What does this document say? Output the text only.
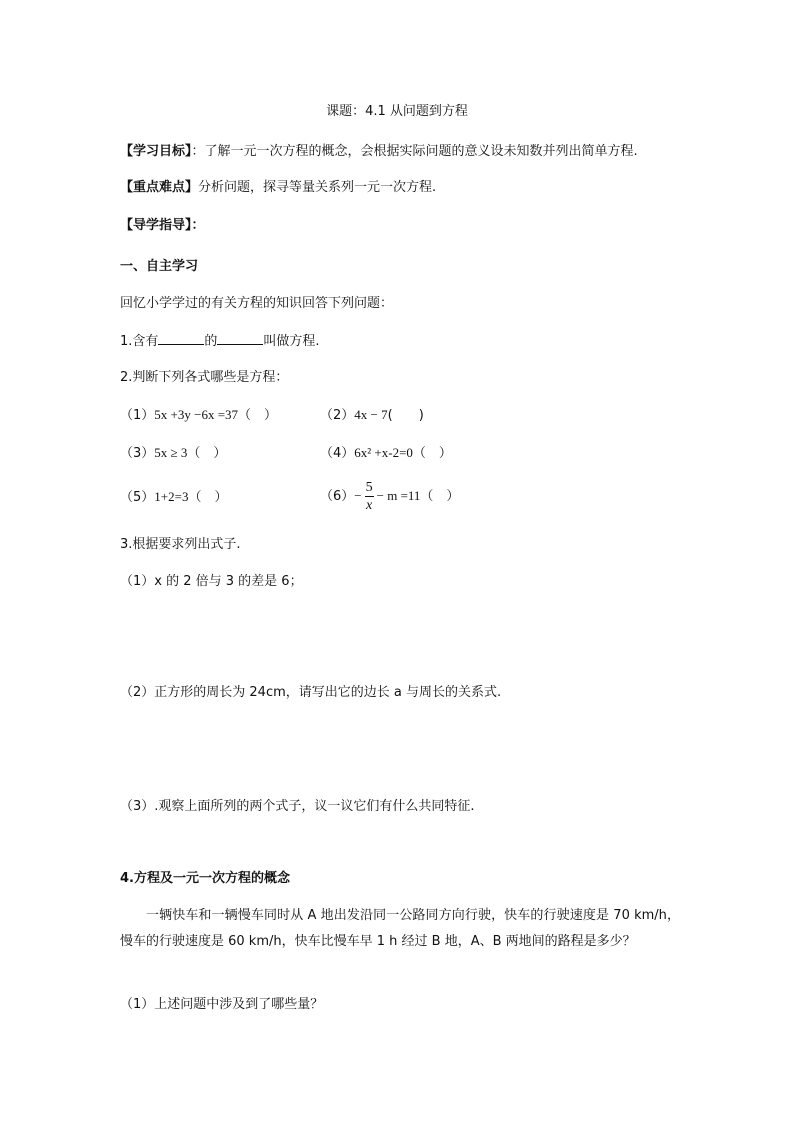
课题：4.1 从问题到方程
【学习目标】：了解一元一次方程的概念，会根据实际问题的意义设未知数并列出简单方程.
【重点难点】分析问题，探寻等量关系列一元一次方程.
【导学指导】：
一、自主学习
回忆小学学过的有关方程的知识回答下列问题：
1.含有	的	叫做方程.
2.判断下列各式哪些是方程：
（1）5x +3y −6x =37（　）	（2）4x − 7(　　)
（3）5x ≥ 3（　）	（4）6x² +x-2=0（　）
（5）1+2=3（　）	$(6)- \frac{5}{x} - m =11$（　）
3.根据要求列出式子.
（1）x 的 2 倍与 3 的差是 6；
（2）正方形的周长为 24cm，请写出它的边长 a 与周长的关系式.
（3）.观察上面所列的两个式子，议一议它们有什么共同特征.
4.方程及一元一次方程的概念
一辆快车和一辆慢车同时从 A 地出发沿同一公路同方向行驶，快车的行驶速度是 70 km/h，慢车的行驶速度是 60 km/h，快车比慢车早 1 h 经过 B 地，A、B 两地间的路程是多少？
（1）上述问题中涉及到了哪些量？
